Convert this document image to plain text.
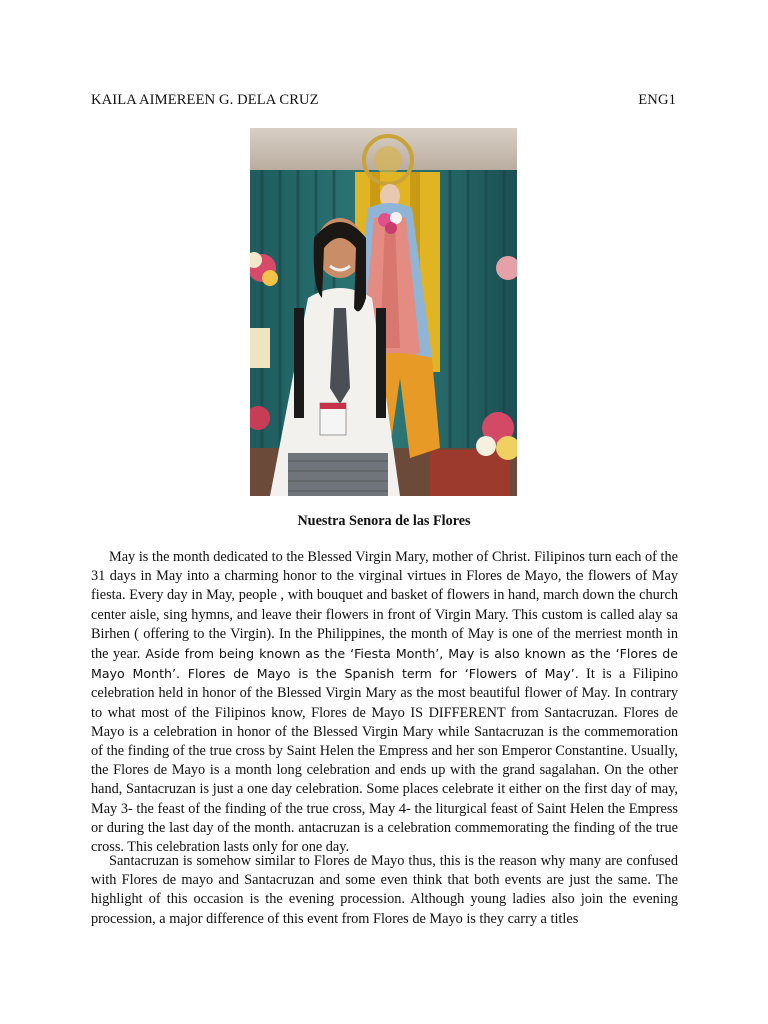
KAILA AIMEREEN G. DELA CRUZ	ENG1
Nuestra Senora de las Flores

May is the month dedicated to the Blessed Virgin Mary, mother of Christ. Filipinos turn each of the 31 days in May into a charming honor to the virginal virtues in Flores de Mayo, the flowers of May fiesta. Every day in May, people , with bouquet and basket of flowers in hand, march down the church center aisle, sing hymns, and leave their flowers in front of Virgin Mary. This custom is called alay sa Birhen ( offering to the Virgin). In the Philippines, the month of May is one of the merriest month in the year. Aside from being known as the ‘Fiesta Month’, May is also known as the ‘Flores de Mayo Month’. Flores de Mayo is the Spanish term for ‘Flowers of May’. It is a Filipino celebration held in honor of the Blessed Virgin Mary as the most beautiful flower of May. In contrary to what most of the Filipinos know, Flores de Mayo IS DIFFERENT from Santacruzan. Flores de Mayo is a celebration in honor of the Blessed Virgin Mary while Santacruzan is the commemoration of the finding of the true cross by Saint Helen the Empress and her son Emperor Constantine. Usually, the Flores de Mayo is a month long celebration and ends up with the grand sagalahan. On the other hand, Santacruzan is just a one day celebration. Some places celebrate it either on the first day of may, May 3- the feast of the finding of the true cross, May 4- the liturgical feast of Saint Helen the Empress or during the last day of the month. antacruzan is a celebration commemorating the finding of the true cross. This celebration lasts only for one day.

Santacruzan is somehow similar to Flores de Mayo thus, this is the reason why many are confused with Flores de mayo and Santacruzan and some even think that both events are just the same. The highlight of this occasion is the evening procession. Although young ladies also join the evening procession, a major difference of this event from Flores de Mayo is they carry a titles
